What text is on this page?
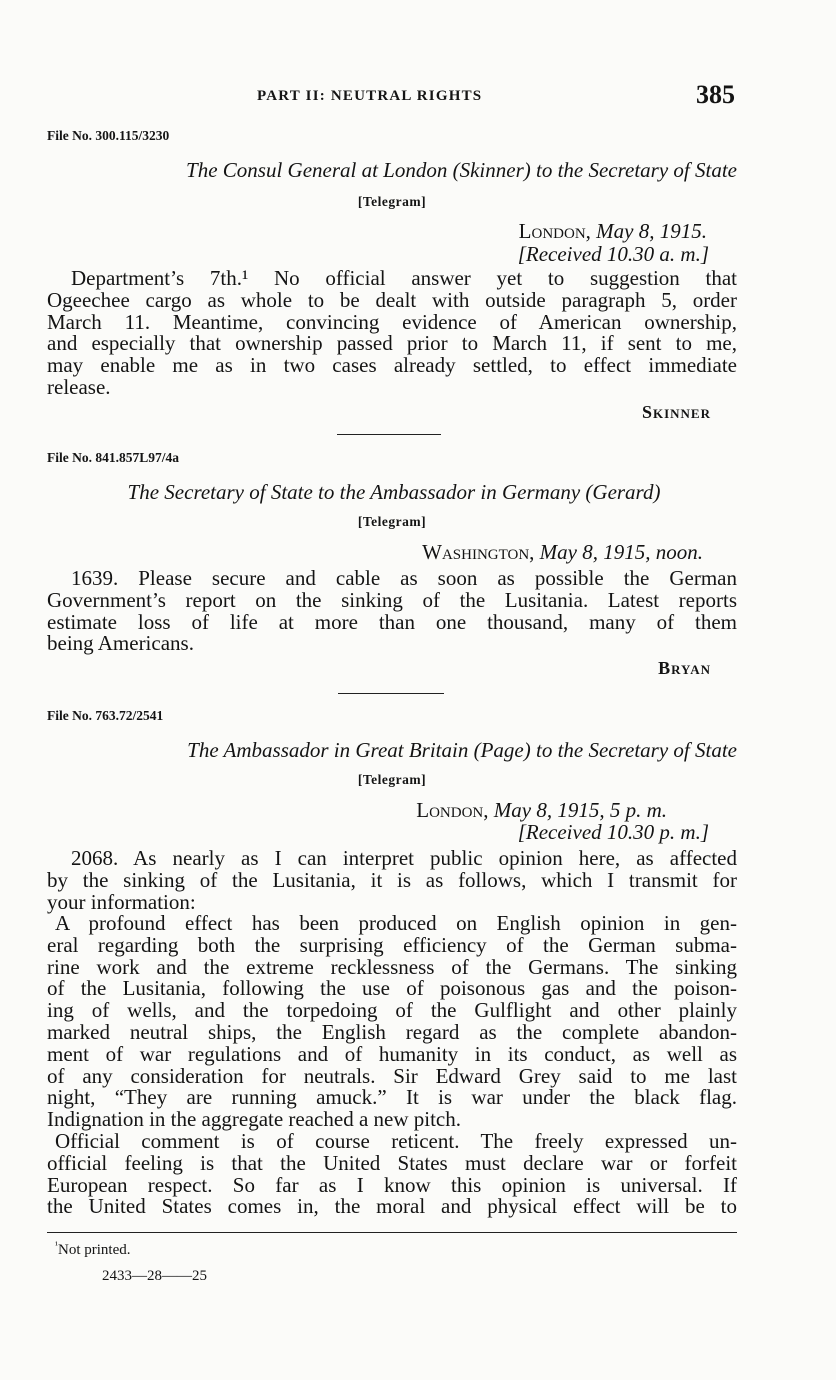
PART II: NEUTRAL RIGHTS	385
File No. 300.115/3230
The Consul General at London (Skinner) to the Secretary of State
[Telegram]
London, May 8, 1915.
[Received 10.30 a. m.]
Department’s 7th.¹ No official answer yet to suggestion that
Ogeechee cargo as whole to be dealt with outside paragraph 5, order
March 11. Meantime, convincing evidence of American ownership,
and especially that ownership passed prior to March 11, if sent to me,
may enable me as in two cases already settled, to effect immediate
release.
Skinner
File No. 841.857L97/4a
The Secretary of State to the Ambassador in Germany (Gerard)
[Telegram]
Washington, May 8, 1915, noon.
1639. Please secure and cable as soon as possible the German
Government’s report on the sinking of the Lusitania. Latest reports
estimate loss of life at more than one thousand, many of them
being Americans.
Bryan
File No. 763.72/2541
The Ambassador in Great Britain (Page) to the Secretary of State
[Telegram]
London, May 8, 1915, 5 p. m.
[Received 10.30 p. m.]
2068. As nearly as I can interpret public opinion here, as affected
by the sinking of the Lusitania, it is as follows, which I transmit for
your information:
A profound effect has been produced on English opinion in gen-
eral regarding both the surprising efficiency of the German subma-
rine work and the extreme recklessness of the Germans. The sinking
of the Lusitania, following the use of poisonous gas and the poison-
ing of wells, and the torpedoing of the Gulflight and other plainly
marked neutral ships, the English regard as the complete abandon-
ment of war regulations and of humanity in its conduct, as well as
of any consideration for neutrals. Sir Edward Grey said to me last
night, “They are running amuck.” It is war under the black flag.
Indignation in the aggregate reached a new pitch.
Official comment is of course reticent. The freely expressed un-
official feeling is that the United States must declare war or forfeit
European respect. So far as I know this opinion is universal. If
the United States comes in, the moral and physical effect will be to
$^{^1}$Not printed.
2433—28——25
